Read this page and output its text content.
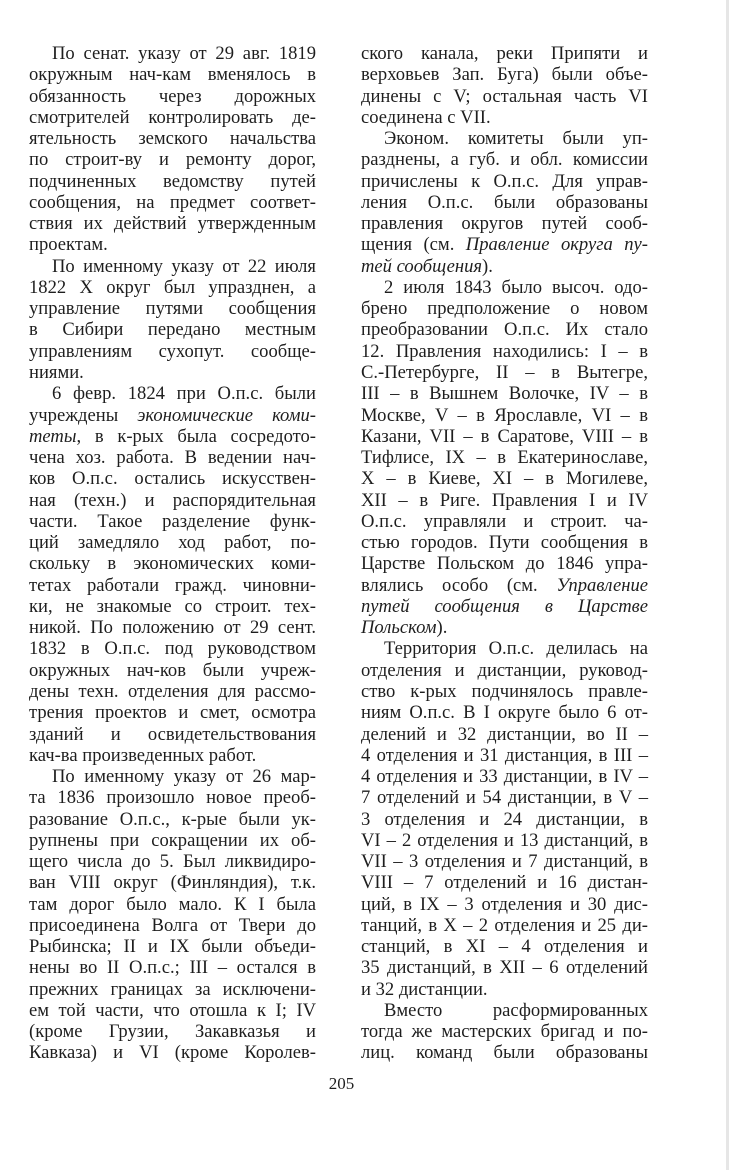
По сенат. указу от 29 авг. 1819
окружным нач-кам вменялось в
обязанность через дорожных
смотрителей контролировать де-
ятельность земского начальства
по строит-ву и ремонту дорог,
подчиненных ведомству путей
сообщения, на предмет соответ-
ствия их действий утвержденным
проектам.
По именному указу от 22 июля
1822 X округ был упразднен, а
управление путями сообщения
в Сибири передано местным
управлениям сухопут. сообще-
ниями.
6 февр. 1824 при О.п.с. были
учреждены экономические коми-
теты, в к-рых была сосредото-
чена хоз. работа. В ведении нач-
ков О.п.с. остались искусствен-
ная (техн.) и распорядительная
части. Такое разделение функ-
ций замедляло ход работ, по-
скольку в экономических коми-
тетах работали гражд. чиновни-
ки, не знакомые со строит. тех-
никой. По положению от 29 сент.
1832 в О.п.с. под руководством
окружных нач-ков были учреж-
дены техн. отделения для рассмо-
трения проектов и смет, осмотра
зданий и освидетельствования
кач-ва произведенных работ.
По именному указу от 26 мар-
та 1836 произошло новое преоб-
разование О.п.с., к-рые были ук-
рупнены при сокращении их об-
щего числа до 5. Был ликвидиро-
ван VIII округ (Финляндия), т.к.
там дорог было мало. К I была
присоединена Волга от Твери до
Рыбинска; II и IX были объеди-
нены во II О.п.с.; III – остался в
прежних границах за исключени-
ем той части, что отошла к I; IV
(кроме Грузии, Закавказья и
Кавказа) и VI (кроме Королев-
ского канала, реки Припяти и
верховьев Зап. Буга) были объе-
динены с V; остальная часть VI
соединена с VII.
Эконом. комитеты были уп-
разднены, а губ. и обл. комиссии
причислены к О.п.с. Для управ-
ления О.п.с. были образованы
правления округов путей сооб-
щения (см. Правление округа пу-
тей сообщения).
2 июля 1843 было высоч. одо-
брено предположение о новом
преобразовании О.п.с. Их стало
12. Правления находились: I – в
С.-Петербурге, II – в Вытегре,
III – в Вышнем Волочке, IV – в
Москве, V – в Ярославле, VI – в
Казани, VII – в Саратове, VIII – в
Тифлисе, IX – в Екатеринославе,
X – в Киеве, XI – в Могилеве,
XII – в Риге. Правления I и IV
О.п.с. управляли и строит. ча-
стью городов. Пути сообщения в
Царстве Польском до 1846 упра-
влялись особо (см. Управление
путей сообщения в Царстве
Польском).
Территория О.п.с. делилась на
отделения и дистанции, руковод-
ство к-рых подчинялось правле-
ниям О.п.с. В I округе было 6 от-
делений и 32 дистанции, во II –
4 отделения и 31 дистанция, в III –
4 отделения и 33 дистанции, в IV –
7 отделений и 54 дистанции, в V –
3 отделения и 24 дистанции, в
VI – 2 отделения и 13 дистанций, в
VII – 3 отделения и 7 дистанций, в
VIII – 7 отделений и 16 дистан-
ций, в IX – 3 отделения и 30 дис-
танций, в X – 2 отделения и 25 ди-
станций, в XI – 4 отделения и
35 дистанций, в XII – 6 отделений
и 32 дистанции.
Вместо расформированных
тогда же мастерских бригад и по-
лиц. команд были образованы
205
